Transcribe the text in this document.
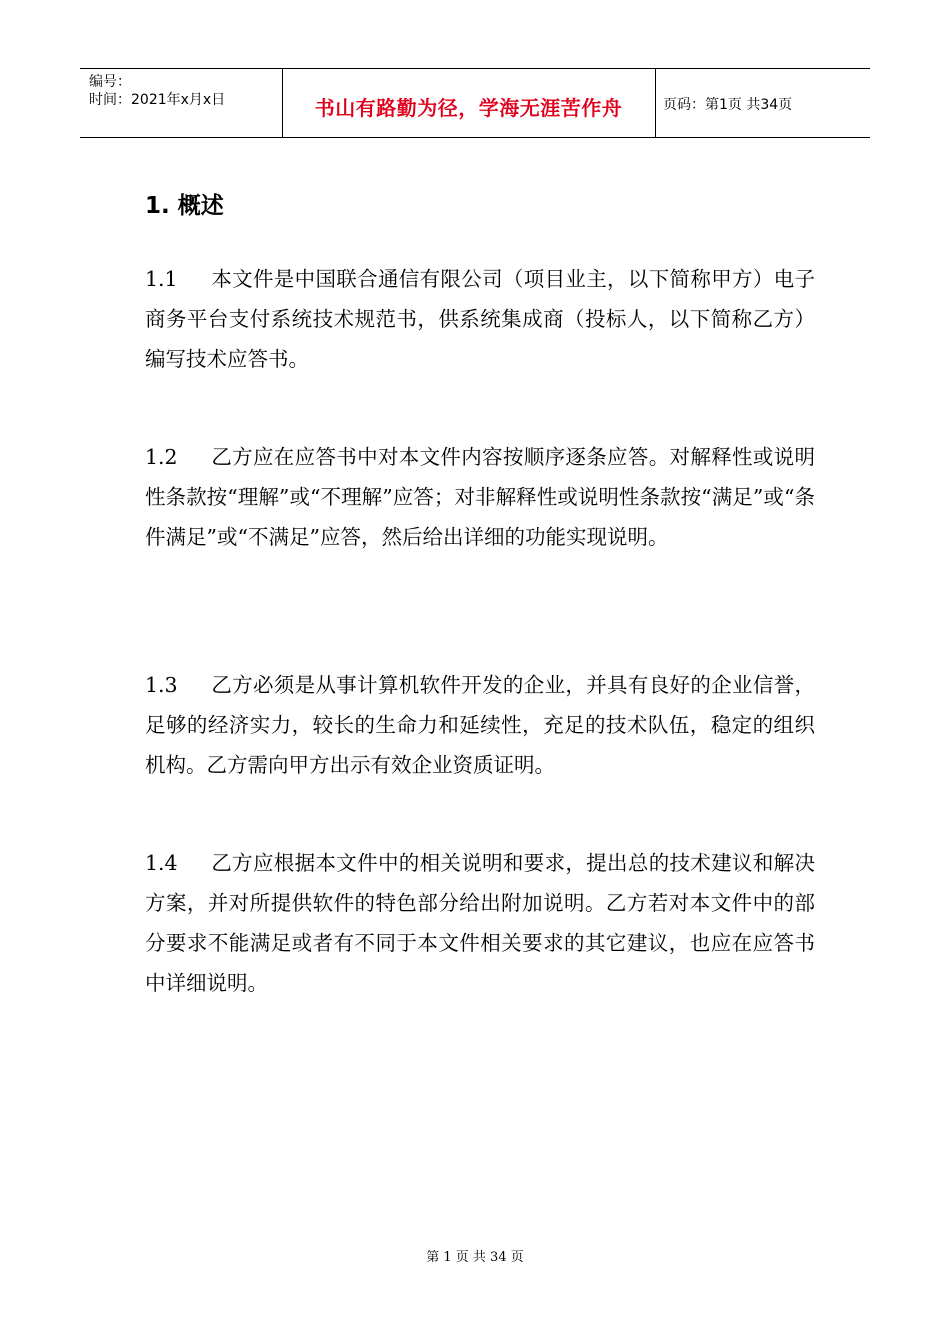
编号：
时间：2021年x月x日	书山有路勤为径，学海无涯苦作舟	页码：第1页 共34页
1. 概述

1.1 本文件是中国联合通信有限公司（项目业主，以下简称甲方）电子商务平台支付系统技术规范书，供系统集成商（投标人，以下简称乙方）编写技术应答书。

1.2 乙方应在应答书中对本文件内容按顺序逐条应答。对解释性或说明性条款按“理解”或“不理解”应答；对非解释性或说明性条款按“满足”或“条件满足”或“不满足”应答，然后给出详细的功能实现说明。

1.3 乙方必须是从事计算机软件开发的企业，并具有良好的企业信誉，足够的经济实力，较长的生命力和延续性，充足的技术队伍，稳定的组织机构。乙方需向甲方出示有效企业资质证明。

1.4 乙方应根据本文件中的相关说明和要求，提出总的技术建议和解决方案，并对所提供软件的特色部分给出附加说明。乙方若对本文件中的部分要求不能满足或者有不同于本文件相关要求的其它建议，也应在应答书中详细说明。

第 1 页 共 34 页
